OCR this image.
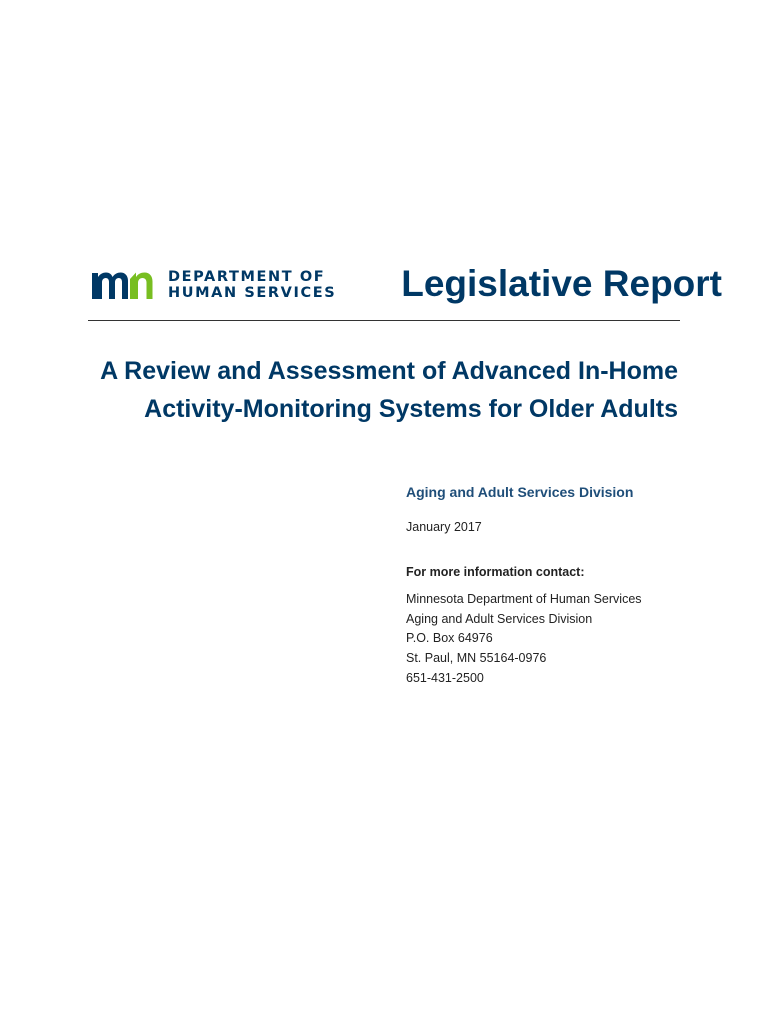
DEPARTMENT OF
HUMAN SERVICES Legislative Report
A Review and Assessment of Advanced In-Home Activity-Monitoring Systems for Older Adults

Aging and Adult Services Division

January 2017

For more information contact:

Minnesota Department of Human Services
Aging and Adult Services Division
P.O. Box 64976
St. Paul, MN 55164-0976
651-431-2500
